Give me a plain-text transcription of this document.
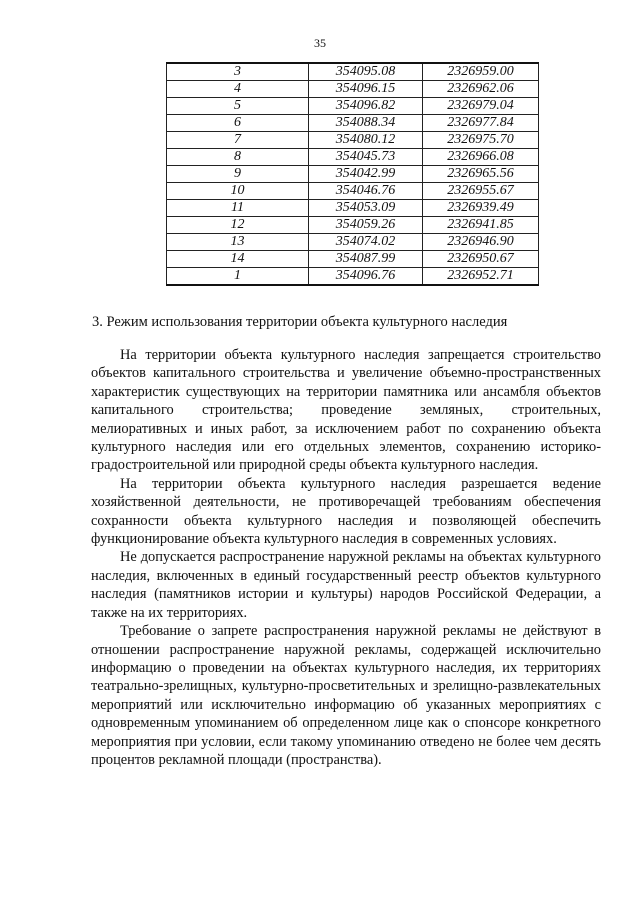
35
3	354095.08	2326959.00
4	354096.15	2326962.06
5	354096.82	2326979.04
6	354088.34	2326977.84
7	354080.12	2326975.70
8	354045.73	2326966.08
9	354042.99	2326965.56
10	354046.76	2326955.67
11	354053.09	2326939.49
12	354059.26	2326941.85
13	354074.02	2326946.90
14	354087.99	2326950.67
1	354096.76	2326952.71
3. Режим использования территории объекта культурного наследия

На территории объекта культурного наследия запрещается строительство объектов капитального строительства и увеличение объемно-пространственных характеристик существующих на территории памятника или ансамбля объектов капитального строительства; проведение земляных, строительных, мелиоративных и иных работ, за исключением работ по сохранению объекта культурного наследия или его отдельных элементов, сохранению историко-градостроительной или природной среды объекта культурного наследия.

На территории объекта культурного наследия разрешается ведение хозяйственной деятельности, не противоречащей требованиям обеспечения сохранности объекта культурного наследия и позволяющей обеспечить функционирование объекта культурного наследия в современных условиях.

Не допускается распространение наружной рекламы на объектах культурного наследия, включенных в единый государственный реестр объектов культурного наследия (памятников истории и культуры) народов Российской Федерации, а также на их территориях.

Требование о запрете распространения наружной рекламы не действуют в отношении распространение наружной рекламы, содержащей исключительно информацию о проведении на объектах культурного наследия, их территориях театрально-зрелищных, культурно-просветительных и зрелищно-развлекательных мероприятий или исключительно информацию об указанных мероприятиях с одновременным упоминанием об определенном лице как о спонсоре конкретного мероприятия при условии, если такому упоминанию отведено не более чем десять процентов рекламной площади (пространства).
